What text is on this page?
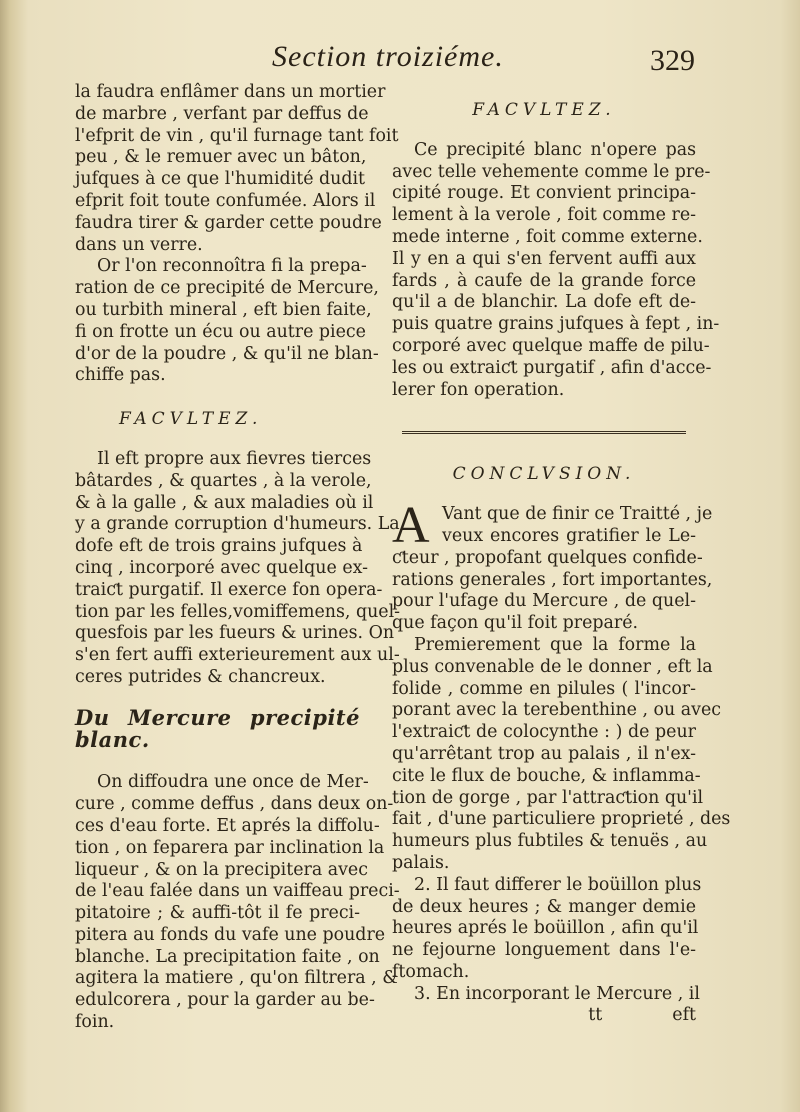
Section troiziéme.	329
la faudra enflâmer dans un mortier
de marbre , verfant par deffus de
l'efprit de vin , qu'il furnage tant foit
peu , & le remuer avec un bâton,
jufques à ce que l'humidité dudit
efprit foit toute confumée. Alors il
faudra tirer & garder cette poudre
dans un verre.
Or l'on reconnoîtra fi la prepa-
ration de ce precipité de Mercure,
ou turbith mineral , eft bien faite,
fi on frotte un écu ou autre piece
d'or de la poudre , & qu'il ne blan-
chiffe pas.
FACVLTEZ.
Il eft propre aux fievres tierces
bâtardes , & quartes , à la verole,
& à la galle , & aux maladies où il
y a grande corruption d'humeurs. La
dofe eft de trois grains jufques à
cinq , incorporé avec quelque ex-
traiƈt purgatif. Il exerce fon opera-
tion par les felles,vomiffemens, quel-
quesfois par les fueurs & urines. On
s'en fert auffi exterieurement aux ul-
ceres putrides & chancreux.
Du Mercure precipité blanc.
On diffoudra une once de Mer-
cure , comme deffus , dans deux on-
ces d'eau forte. Et aprés la diffolu-
tion , on feparera par inclination la
liqueur , & on la precipitera avec
de l'eau falée dans un vaiffeau preci-
pitatoire ; & auffi-tôt il fe preci-
pitera au fonds du vafe une poudre
blanche. La precipitation faite , on
agitera la matiere , qu'on filtrera , &
edulcorera , pour la garder au be-
foin.
FACVLTEZ.
Ce precipité blanc n'opere pas
avec telle vehemente comme le pre-
cipité rouge. Et convient principa-
lement à la verole , foit comme re-
mede interne , foit comme externe.
Il y en a qui s'en fervent auffi aux
fards , à caufe de la grande force
qu'il a de blanchir. La dofe eft de-
puis quatre grains jufques à fept , in-
corporé avec quelque maffe de pilu-
les ou extraiƈt purgatif , afin d'acce-
lerer fon operation.
CONCLVSION.
A Vant que de finir ce Traitté , je
veux encores gratifier le Le-
ƈteur , propofant quelques confide-
rations generales , fort importantes,
pour l'ufage du Mercure , de quel-
que façon qu'il foit preparé.
Premierement que la forme la
plus convenable de le donner , eft la
folide , comme en pilules ( l'incor-
porant avec la terebenthine , ou avec
l'extraiƈt de colocynthe : ) de peur
qu'arrêtant trop au palais , il n'ex-
cite le flux de bouche, & inflamma-
tion de gorge , par l'attraƈtion qu'il
fait , d'une particuliere proprieté , des
humeurs plus fubtiles & tenuës , au
palais.
2. Il faut differer le boüillon plus
de deux heures ; & manger demie
heures aprés le boüillon , afin qu'il
ne fejourne longuement dans l'e-
ftomach.
3. En incorporant le Mercure , il
tt	eft
